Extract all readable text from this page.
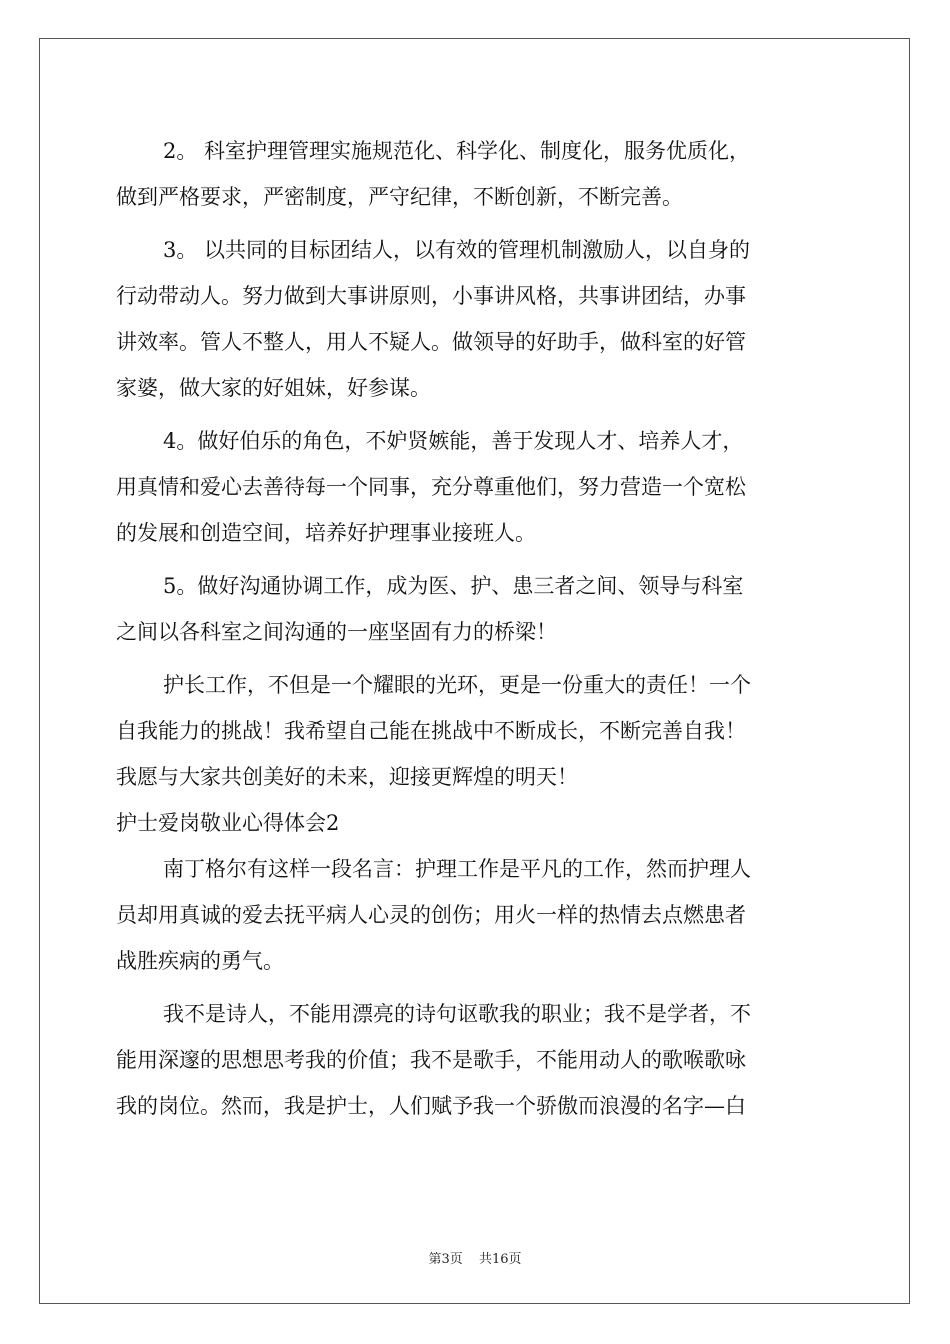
2。 科室护理管理实施规范化、科学化、制度化，服务优质化，
做到严格要求，严密制度，严守纪律，不断创新，不断完善。
3。 以共同的目标团结人，以有效的管理机制激励人，以自身的
行动带动人。努力做到大事讲原则，小事讲风格，共事讲团结，办事
讲效率。管人不整人，用人不疑人。做领导的好助手，做科室的好管
家婆，做大家的好姐妹，好参谋。
4。做好伯乐的角色，不妒贤嫉能，善于发现人才、培养人才，
用真情和爱心去善待每一个同事，充分尊重他们，努力营造一个宽松
的发展和创造空间，培养好护理事业接班人。
5。做好沟通协调工作，成为医、护、患三者之间、领导与科室
之间以各科室之间沟通的一座坚固有力的桥梁！
护长工作，不但是一个耀眼的光环，更是一份重大的责任！一个
自我能力的挑战！我希望自己能在挑战中不断成长，不断完善自我！
我愿与大家共创美好的未来，迎接更辉煌的明天！
护士爱岗敬业心得体会2
南丁格尔有这样一段名言：护理工作是平凡的工作，然而护理人
员却用真诚的爱去抚平病人心灵的创伤；用火一样的热情去点燃患者
战胜疾病的勇气。
我不是诗人，不能用漂亮的诗句讴歌我的职业；我不是学者，不
能用深邃的思想思考我的价值；我不是歌手，不能用动人的歌喉歌咏
我的岗位。然而，我是护士，人们赋予我一个骄傲而浪漫的名字—白
第3页 共16页
